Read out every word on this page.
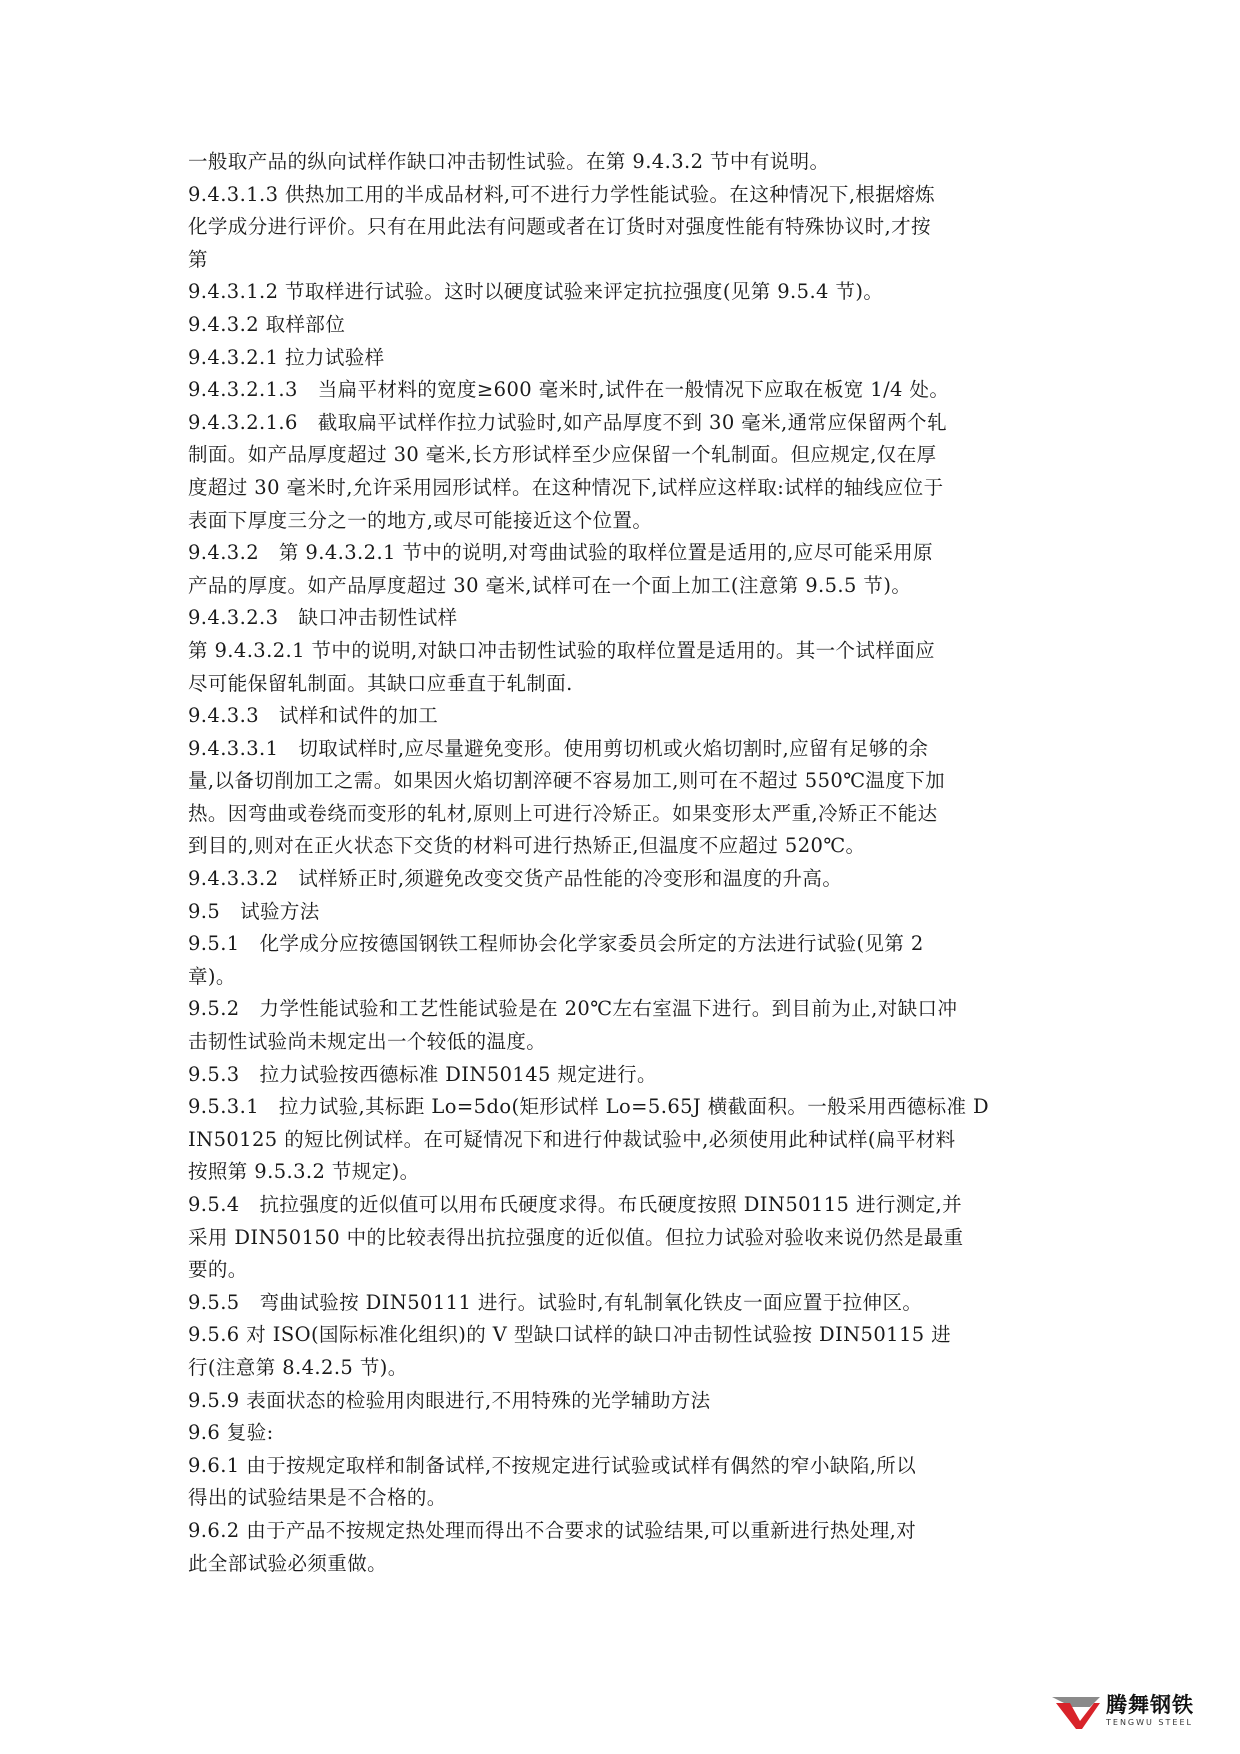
一般取产品的纵向试样作缺口冲击韧性试验。在第 9.4.3.2 节中有说明。
9.4.3.1.3 供热加工用的半成品材料,可不进行力学性能试验。在这种情况下,根据熔炼
化学成分进行评价。只有在用此法有问题或者在订货时对强度性能有特殊协议时,才按
第
9.4.3.1.2 节取样进行试验。这时以硬度试验来评定抗拉强度(见第 9.5.4 节)。
9.4.3.2 取样部位
9.4.3.2.1 拉力试验样
9.4.3.2.1.3　当扁平材料的宽度≥600 毫米时,试件在一般情况下应取在板宽 1/4 处。
9.4.3.2.1.6　截取扁平试样作拉力试验时,如产品厚度不到 30 毫米,通常应保留两个轧
制面。如产品厚度超过 30 毫米,长方形试样至少应保留一个轧制面。但应规定,仅在厚
度超过 30 毫米时,允许采用园形试样。在这种情况下,试样应这样取:试样的轴线应位于
表面下厚度三分之一的地方,或尽可能接近这个位置。
9.4.3.2　第 9.4.3.2.1 节中的说明,对弯曲试验的取样位置是适用的,应尽可能采用原
产品的厚度。如产品厚度超过 30 毫米,试样可在一个面上加工(注意第 9.5.5 节)。
9.4.3.2.3　缺口冲击韧性试样
第 9.4.3.2.1 节中的说明,对缺口冲击韧性试验的取样位置是适用的。其一个试样面应
尽可能保留轧制面。其缺口应垂直于轧制面.
9.4.3.3　试样和试件的加工
9.4.3.3.1　切取试样时,应尽量避免变形。使用剪切机或火焰切割时,应留有足够的余
量,以备切削加工之需。如果因火焰切割淬硬不容易加工,则可在不超过 550℃温度下加
热。因弯曲或卷绕而变形的轧材,原则上可进行冷矫正。如果变形太严重,冷矫正不能达
到目的,则对在正火状态下交货的材料可进行热矫正,但温度不应超过 520℃。
9.4.3.3.2　试样矫正时,须避免改变交货产品性能的冷变形和温度的升高。
9.5　试验方法
9.5.1　化学成分应按德国钢铁工程师协会化学家委员会所定的方法进行试验(见第 2
章)。
9.5.2　力学性能试验和工艺性能试验是在 20℃左右室温下进行。到目前为止,对缺口冲
击韧性试验尚未规定出一个较低的温度。
9.5.3　拉力试验按西德标准 DIN50145 规定进行。
9.5.3.1　拉力试验,其标距 Lo=5do(矩形试样 Lo=5.65J 横截面积。一般采用西德标准 D
IN50125 的短比例试样。在可疑情况下和进行仲裁试验中,必须使用此种试样(扁平材料
按照第 9.5.3.2 节规定)。
9.5.4　抗拉强度的近似值可以用布氏硬度求得。布氏硬度按照 DIN50115 进行测定,并
采用 DIN50150 中的比较表得出抗拉强度的近似值。但拉力试验对验收来说仍然是最重
要的。
9.5.5　弯曲试验按 DIN50111 进行。试验时,有轧制氧化铁皮一面应置于拉伸区。
9.5.6 对 ISO(国际标准化组织)的 V 型缺口试样的缺口冲击韧性试验按 DIN50115 进
行(注意第 8.4.2.5 节)。
9.5.9 表面状态的检验用肉眼进行,不用特殊的光学辅助方法
9.6 复验:
9.6.1 由于按规定取样和制备试样,不按规定进行试验或试样有偶然的窄小缺陷,所以
得出的试验结果是不合格的。
9.6.2 由于产品不按规定热处理而得出不合要求的试验结果,可以重新进行热处理,对
此全部试验必须重做。
腾舞钢铁
TENGWU STEEL
